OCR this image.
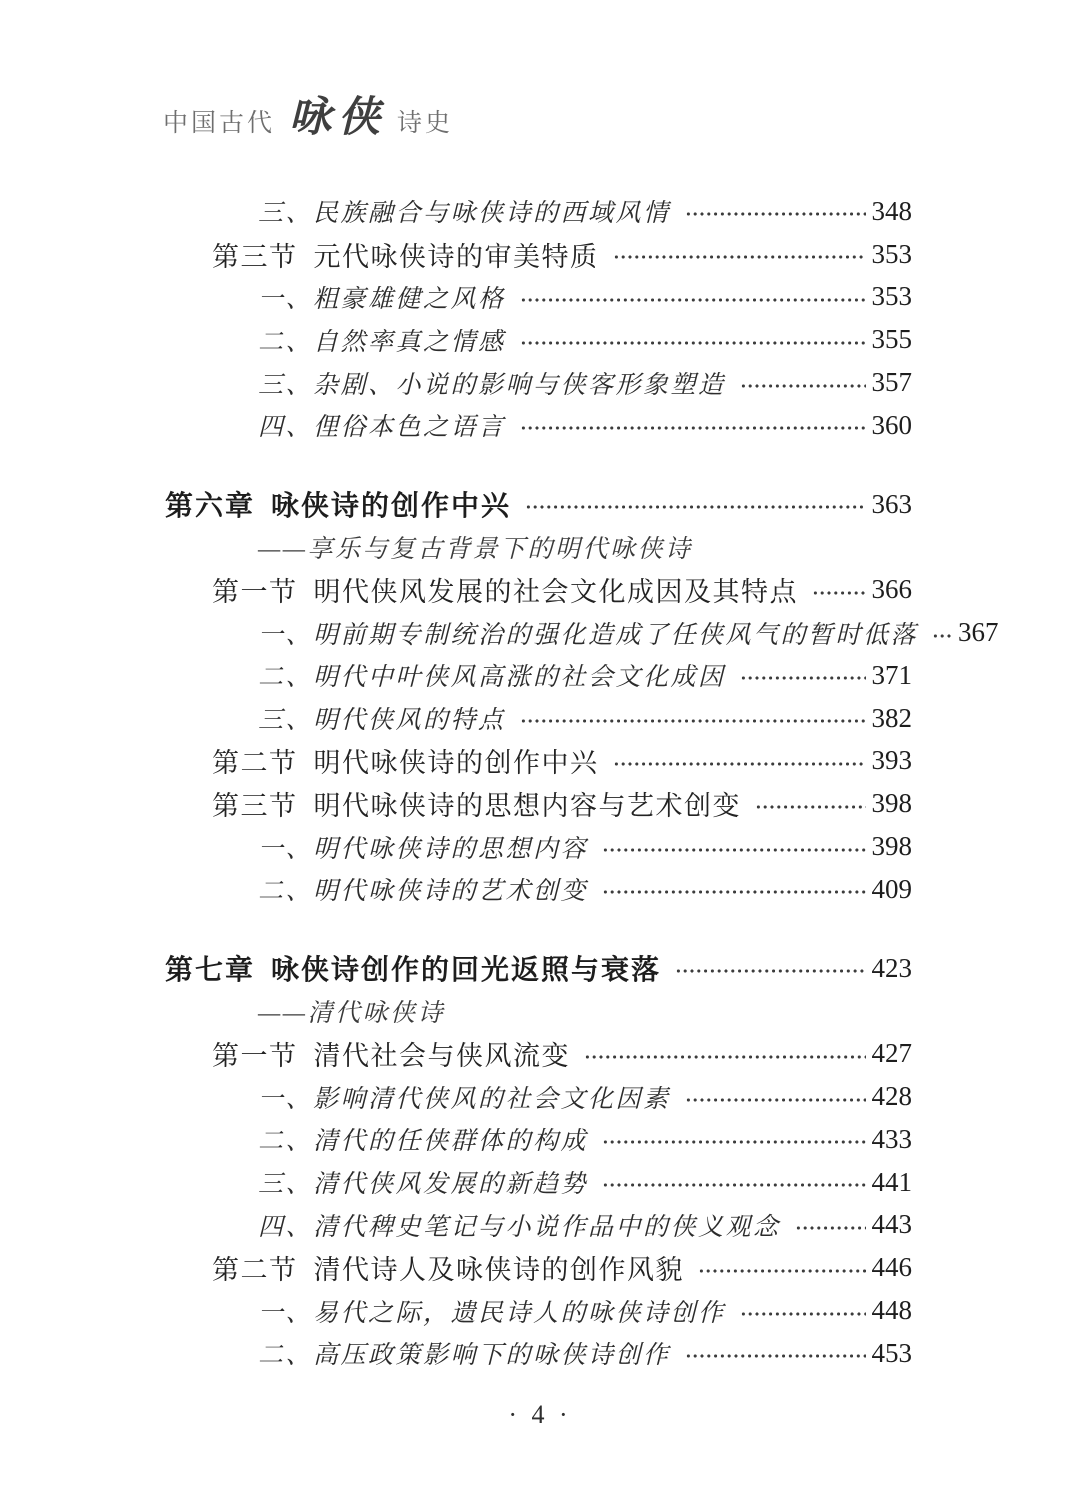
中国古代 咏侠 诗史
三、 民族融合与咏侠诗的西域风情	348
第三节 元代咏侠诗的审美特质	353
一、 粗豪雄健之风格	353
二、 自然率真之情感	355
三、 杂剧、小说的影响与侠客形象塑造	357
四、 俚俗本色之语言	360
第六章 咏侠诗的创作中兴	363
——享乐与复古背景下的明代咏侠诗
第一节 明代侠风发展的社会文化成因及其特点	366
一、 明前期专制统治的强化造成了任侠风气的暂时低落 367
二、 明代中叶侠风高涨的社会文化成因	371
三、 明代侠风的特点	382
第二节 明代咏侠诗的创作中兴	393
第三节 明代咏侠诗的思想内容与艺术创变	398
一、 明代咏侠诗的思想内容	398
二、 明代咏侠诗的艺术创变	409
第七章 咏侠诗创作的回光返照与衰落	423
——清代咏侠诗
第一节 清代社会与侠风流变	427
一、 影响清代侠风的社会文化因素	428
二、 清代的任侠群体的构成	433
三、 清代侠风发展的新趋势	441
四、 清代稗史笔记与小说作品中的侠义观念	443
第二节 清代诗人及咏侠诗的创作风貌	446
一、 易代之际，遗民诗人的咏侠诗创作	448
二、 高压政策影响下的咏侠诗创作	453
· 4 ·
